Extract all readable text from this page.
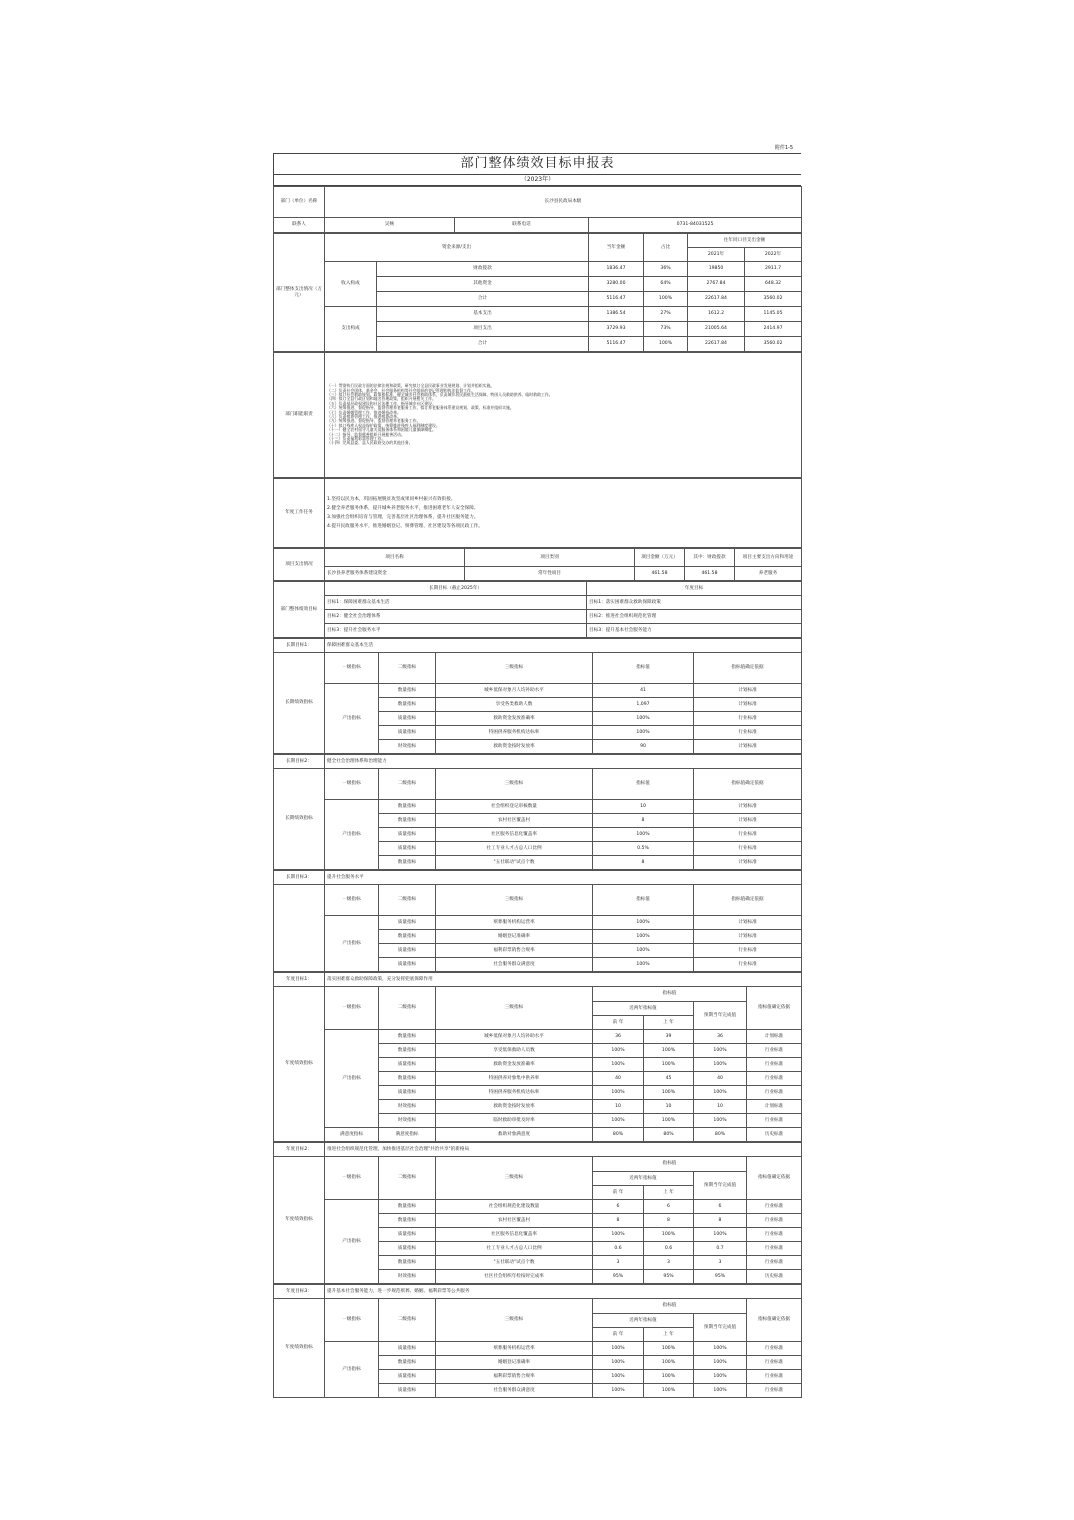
附件1-5
部门整体绩效目标申报表
（2023年）
部门（单位）名称	长沙县民政局本级		
联系人	吴畅	联系电话	0731-84031525
部门整体支出情况（万元）	资金来源/支出		当年金额	占比	往年同口径支出金额	
					2021年	2022年
	收入构成	财政拨款	1836.47	36%	19850	2911.7
		其他资金	3280.00	64%	2767.84	648.32
		合计	5116.47	100%	22617.84	3560.02
	支出构成	基本支出	1386.54	27%	1612.2	1145.05
		项目支出	3729.93	73%	21005.64	2414.97
		合计	5116.47	100%	22617.84	3560.02
部门职能职责	
（一）贯彻执行民政方面的法律法规和政策，研究拟订全县民政事业发展规划、计划并组织实施。
（二）负责社会团体、基金会、社会服务机构等社会组织的登记管理和执法监督工作。
（三）拟订社会救助规划、政策和标准，健全城乡社会救助体系，负责城乡居民最低生活保障、特困人员救助供养、临时救助工作。
（四）拟订全县行政区划和地名管理政策，组织开展相关工作。
（五）负责基层政权建设和社区治理工作，指导城乡社区建设。
（六）统筹推进、督促指导、监督管理养老服务工作，拟订养老服务体系建设规划、政策、标准并组织实施。
（七）负责婚姻管理工作，推进婚俗改革。
（八）负责殡葬管理工作，推进殡葬改革。
（九）统筹推进、督促指导、监督管理养老服务工作。
（十）拟订残疾人权益保护政策，统筹推进残疾人福利制度建设。
（十一）健全农村留守儿童关爱服务体系和困境儿童保障制度。
（十二）指导、监督慈善组织开展慈善活动。
（十三）负责福利彩票管理工作。
（十四）完成县委、县人民政府交办的其他任务。
年度工作任务	
1.坚持以民为本，巩固拓展脱贫攻坚成果同乡村振兴有效衔接。
2.健全养老服务体系，提升城乡养老服务水平，推进困难老年人安全保障。
3.加强社会组织培育与管理，完善基层社区治理体系，提升社区服务能力。
4.提升民政服务水平，推进婚姻登记、殡葬管理、社区建设等各项民政工作。
项目支出情况	项目名称	项目类别	项目金额（万元）	其中：财政拨款	项目主要支出方向和用途
	长沙县养老服务体系建设资金	常年性项目	461.58	461.58	养老服务
部门整体绩效目标	长期目标（截止2025年）	年度目标
	目标1：保障困难群众基本生活	目标1：落实困难群众救助保障政策
	目标2：健全社会治理体系	目标2：推进社会组织规范化管理
	目标3：提升社会服务水平	目标3：提升基本社会服务能力
长期目标1：	保障困难群众基本生活				
长期绩效指标	一级指标	二级指标	三级指标	指标值	指标值确定依据
	产出指标	数量指标	城乡低保对象月人均补助水平	41	计划标准
		数量指标	享受各类救助人数	1,097	计划标准
		质量指标	救助资金发放准确率	100%	行业标准
		质量指标	特困供养服务机构达标率	100%	行业标准
		时效指标	救助资金按时发放率	90	计划标准
长期目标2：	健全社会治理体系和治理能力				
长期绩效指标	一级指标	二级指标	三级指标	指标值	指标值确定依据
	产出指标	数量指标	社会组织登记审核数量	10	计划标准
		数量指标	农村社区覆盖村	8	计划标准
		质量指标	社区服务信息化覆盖率	100%	行业标准
		质量指标	社工专业人才占总人口比例	0.5%	行业标准
		数量指标	"五社联动"试点个数	8	计划标准
长期目标3：	提升社会服务水平				
	一级指标	二级指标	三级指标	指标值	指标值确定依据
	产出指标	质量指标	殡葬服务机构运营率	100%	计划标准
		数量指标	婚姻登记准确率	100%	计划标准
		质量指标	福利彩票销售合规率	100%	行业标准
		质量指标	社会服务群众满意度	100%	行业标准
年度目标1：	落实困难群众救助保障政策，充分发挥兜底保障作用						
年度绩效指标	一级指标	二级指标	三级指标	指标值			指标值确定依据
				近两年指标值		预期当年完成值	
				前 年	上 年		
	产出指标	数量指标	城乡低保对象月人均补助水平	36	39	36	计划标准
		数量指标	享受低保救助人员数	100%	100%	100%	行业标准
		质量指标	救助资金发放准确率	100%	100%	100%	行业标准
		数量指标	特困供养对象集中供养率	40	45	40	行业标准
		质量指标	特困供养服务机构达标率	100%	100%	100%	行业标准
		时效指标	救助资金按时发放率	10	10	10	计划标准
		时效指标	临时救助审批及时率	100%	100%	100%	行业标准
	满意度指标	满意度指标	救助对象满意度	80%	80%	80%	历史标准
年度目标2：	推进社会组织规范化管理，加快推进基层社会治理"共治共享"的新格局						
年度绩效指标	一级指标	二级指标	三级指标	指标值			指标值确定依据
				近两年指标值		预期当年完成值	
				前 年	上 年		
	产出指标	数量指标	社会组织规范化建设数量	6	6	6	行业标准
		数量指标	农村社区覆盖村	8	8	8	行业标准
		质量指标	社区服务信息化覆盖率	100%	100%	100%	行业标准
		质量指标	社工专业人才占总人口比例	0.6	0.6	0.7	行业标准
		数量指标	"五社联动"试点个数	3	3	3	行业标准
		时效指标	社区社会组织年检按时完成率	95%	95%	95%	历史标准
年度目标3：	提升基本社会服务能力，进一步规范殡葬、婚姻、福利彩票等公共服务						
年度绩效指标	一级指标	二级指标	三级指标	指标值			指标值确定依据
				近两年指标值		预期当年完成值	
				前 年	上 年		
	产出指标	质量指标	殡葬服务机构运营率	100%	100%	100%	行业标准
		数量指标	婚姻登记准确率	100%	100%	100%	行业标准
		质量指标	福利彩票销售合规率	100%	100%	100%	行业标准
		质量指标	社会服务群众满意度	100%	100%	100%	行业标准
